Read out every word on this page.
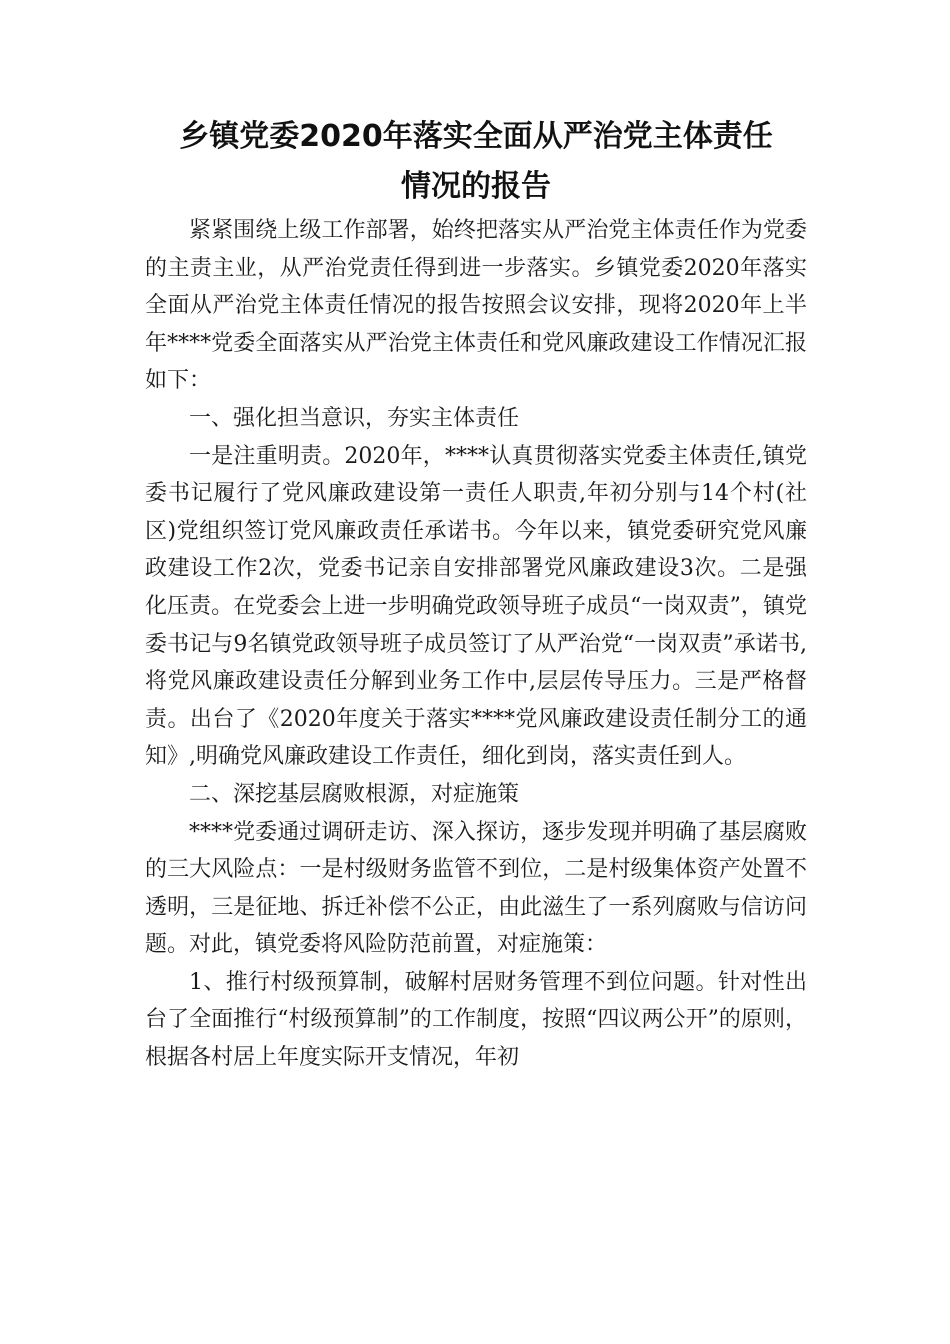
乡镇党委2020年落实全面从严治党主体责任
情况的报告

紧紧围绕上级工作部署，始终把落实从严治党主体责任作为党委的主责主业，从严治党责任得到进一步落实。乡镇党委2020年落实全面从严治党主体责任情况的报告按照会议安排，现将2020年上半年****党委全面落实从严治党主体责任和党风廉政建设工作情况汇报如下：

一、强化担当意识，夯实主体责任

一是注重明责。2020年，****认真贯彻落实党委主体责任,镇党委书记履行了党风廉政建设第一责任人职责,年初分别与14个村(社区)党组织签订党风廉政责任承诺书。今年以来，镇党委研究党风廉政建设工作2次，党委书记亲自安排部署党风廉政建设3次。二是强化压责。在党委会上进一步明确党政领导班子成员“一岗双责”，镇党委书记与9名镇党政领导班子成员签订了从严治党“一岗双责”承诺书,将党风廉政建设责任分解到业务工作中,层层传导压力。三是严格督责。出台了《2020年度关于落实****党风廉政建设责任制分工的通知》,明确党风廉政建设工作责任，细化到岗，落实责任到人。

二、深挖基层腐败根源，对症施策

****党委通过调研走访、深入探访，逐步发现并明确了基层腐败的三大风险点：一是村级财务监管不到位，二是村级集体资产处置不透明，三是征地、拆迁补偿不公正，由此滋生了一系列腐败与信访问题。对此，镇党委将风险防范前置，对症施策：

1、推行村级预算制，破解村居财务管理不到位问题。针对性出台了全面推行“村级预算制”的工作制度，按照“四议两公开”的原则，根据各村居上年度实际开支情况，年初
